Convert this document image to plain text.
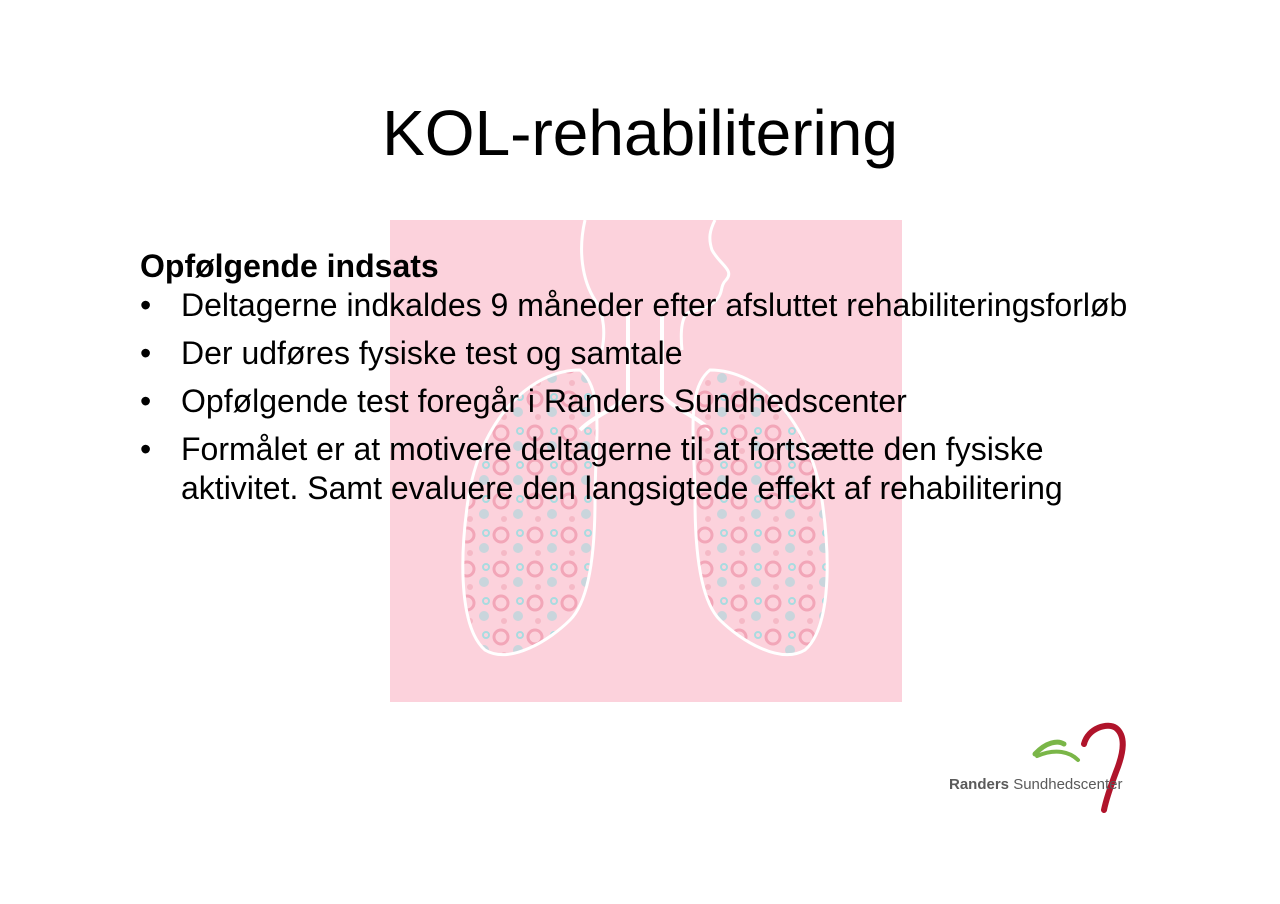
KOL-rehabilitering

Opfølgende indsats

• Deltagerne indkaldes 9 måneder efter afsluttet rehabiliteringsforløb
• Der udføres fysiske test og samtale
• Opfølgende test foregår i Randers Sundhedscenter
• Formålet er at motivere deltagerne til at fortsætte den fysiske aktivitet. Samt evaluere den langsigtede effekt af rehabilitering
Randers Sundhedscenter
